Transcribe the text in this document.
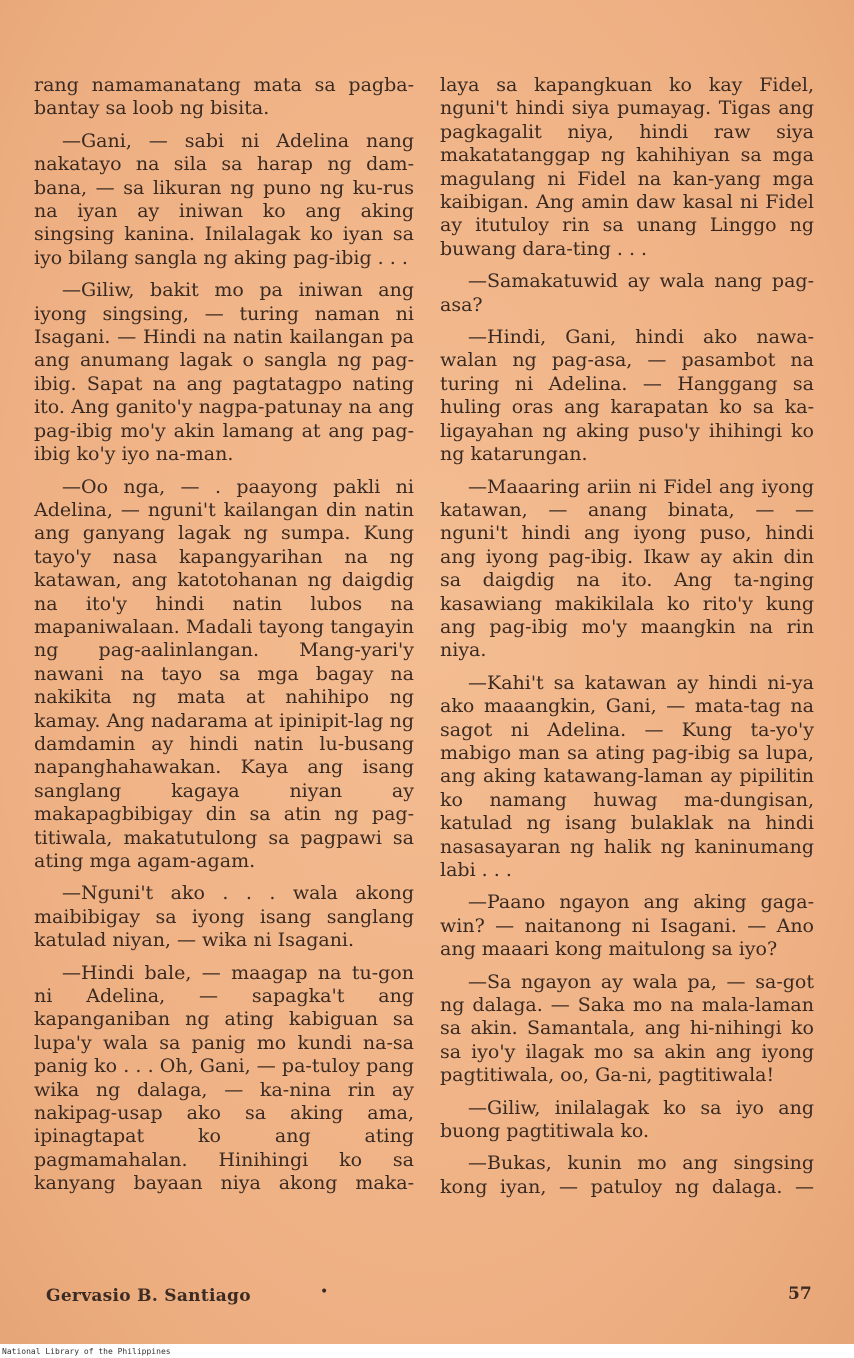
rang namamanatang mata sa pagba-bantay sa loob ng bisita.

—Gani, — sabi ni Adelina nang nakatayo na sila sa harap ng dam-bana, — sa likuran ng puno ng ku-rus na iyan ay iniwan ko ang aking singsing kanina. Inilalagak ko iyan sa iyo bilang sangla ng aking pag-ibig . . .

—Giliw, bakit mo pa iniwan ang iyong singsing, — turing naman ni Isagani. — Hindi na natin kailangan pa ang anumang lagak o sangla ng pag-ibig. Sapat na ang pagtatagpo nating ito. Ang ganito'y nagpa-patunay na ang pag-ibig mo'y akin lamang at ang pag-ibig ko'y iyo na-man.

—Oo nga, — . paayong pakli ni Adelina, — nguni't kailangan din natin ang ganyang lagak ng sumpa. Kung tayo'y nasa kapangyarihan na ng katawan, ang katotohanan ng daigdig na ito'y hindi natin lubos na mapaniwalaan. Madali tayong tangayin ng pag-aalinlangan. Mang-yari'y nawani na tayo sa mga bagay na nakikita ng mata at nahihipo ng kamay. Ang nadarama at ipinipit-lag ng damdamin ay hindi natin lu-busang napanghahawakan. Kaya ang isang sanglang kagaya niyan ay makapagbibigay din sa atin ng pag-titiwala, makatutulong sa pagpawi sa ating mga agam-agam.

—Nguni't ako . . . wala akong maibibigay sa iyong isang sanglang katulad niyan, — wika ni Isagani.

—Hindi bale, — maagap na tu-gon ni Adelina, — sapagka't ang kapanganiban ng ating kabiguan sa lupa'y wala sa panig mo kundi na-sa panig ko . . . Oh, Gani, — pa-tuloy pang wika ng dalaga, — ka-nina rin ay nakipag-usap ako sa aking ama, ipinagtapat ko ang ating pagmamahalan. Hinihingi ko sa kanyang bayaan niya akong maka-

laya sa kapangkuan ko kay Fidel, nguni't hindi siya pumayag. Tigas ang pagkagalit niya, hindi raw siya makatatanggap ng kahihiyan sa mga magulang ni Fidel na kan-yang mga kaibigan. Ang amin daw kasal ni Fidel ay itutuloy rin sa unang Linggo ng buwang dara-ting . . .

—Samakatuwid ay wala nang pag-asa?

—Hindi, Gani, hindi ako nawa-walan ng pag-asa, — pasambot na turing ni Adelina. — Hanggang sa huling oras ang karapatan ko sa ka-ligayahan ng aking puso'y ihihingi ko ng katarungan.

—Maaaring ariin ni Fidel ang iyong katawan, — anang binata, — — nguni't hindi ang iyong puso, hindi ang iyong pag-ibig. Ikaw ay akin din sa daigdig na ito. Ang ta-nging kasawiang makikilala ko rito'y kung ang pag-ibig mo'y maangkin na rin niya.

—Kahi't sa katawan ay hindi ni-ya ako maaangkin, Gani, — mata-tag na sagot ni Adelina. — Kung ta-yo'y mabigo man sa ating pag-ibig sa lupa, ang aking katawang-laman ay pipilitin ko namang huwag ma-dungisan, katulad ng isang bulaklak na hindi nasasayaran ng halik ng kaninumang labi . . .

—Paano ngayon ang aking gaga-win? — naitanong ni Isagani. — Ano ang maaari kong maitulong sa iyo?

—Sa ngayon ay wala pa, — sa-got ng dalaga. — Saka mo na mala-laman sa akin. Samantala, ang hi-nihingi ko sa iyo'y ilagak mo sa akin ang iyong pagtitiwala, oo, Ga-ni, pagtitiwala!

—Giliw, inilalagak ko sa iyo ang buong pagtitiwala ko.

—Bukas, kunin mo ang singsing kong iyan, — patuloy ng dalaga. —

Gervasio B. Santiago	•	57
National Library of the Philippines
